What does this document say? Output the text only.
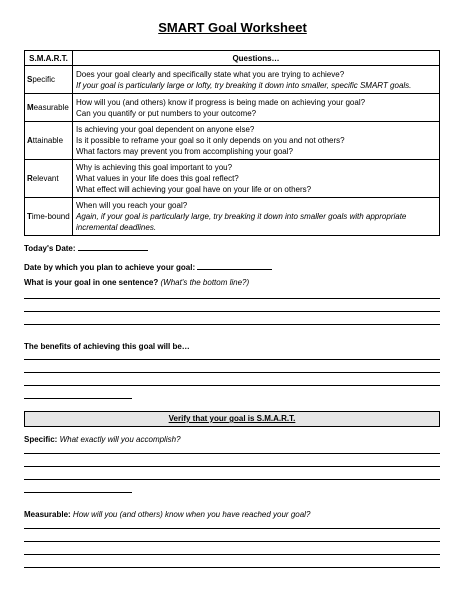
SMART Goal Worksheet
S.M.A.R.T.	Questions…
Specific	Does your goal clearly and specifically state what you are trying to achieve?
If your goal is particularly large or lofty, try breaking it down into smaller, specific SMART goals.

Measurable	How will you (and others) know if progress is being made on achieving your goal?
Can you quantify or put numbers to your outcome?

Attainable	Is achieving your goal dependent on anyone else?
Is it possible to reframe your goal so it only depends on you and not others?
What factors may prevent you from accomplishing your goal?

Relevant	Why is achieving this goal important to you?
What values in your life does this goal reflect?
What effect will achieving your goal have on your life or on others?

Time-bound	When will you reach your goal?
Again, if your goal is particularly large, try breaking it down into smaller goals with appropriate incremental deadlines.
Today's Date:
Date by which you plan to achieve your goal:
What is your goal in one sentence? (What's the bottom line?)
The benefits of achieving this goal will be…
Verify that your goal is S.M.A.R.T.
Specific: What exactly will you accomplish?
Measurable: How will you (and others) know when you have reached your goal?
